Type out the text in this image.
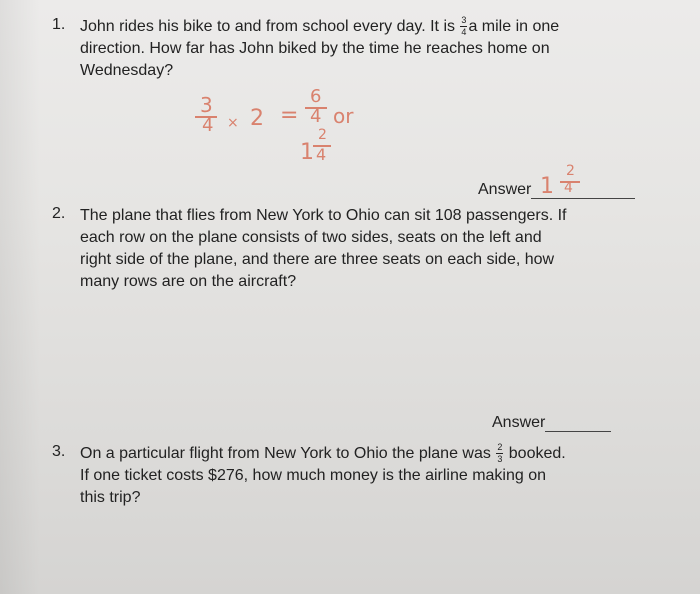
1. John rides his bike to and from school every day. It is $\frac{3}{4}$ a mile in one
direction. How far has John biked by the time he reaches home on
Wednesday?
3
4 × 2 =
6
4 or
1
2
4
Answer 1
2
4
2. The plane that flies from New York to Ohio can sit 108 passengers. If
each row on the plane consists of two sides, seats on the left and
right side of the plane, and there are three seats on each side, how
many rows are on the aircraft?
Answer
3. On a particular flight from New York to Ohio the plane was $\frac{2}{3}$ booked.
If one ticket costs $276, how much money is the airline making on
this trip?
